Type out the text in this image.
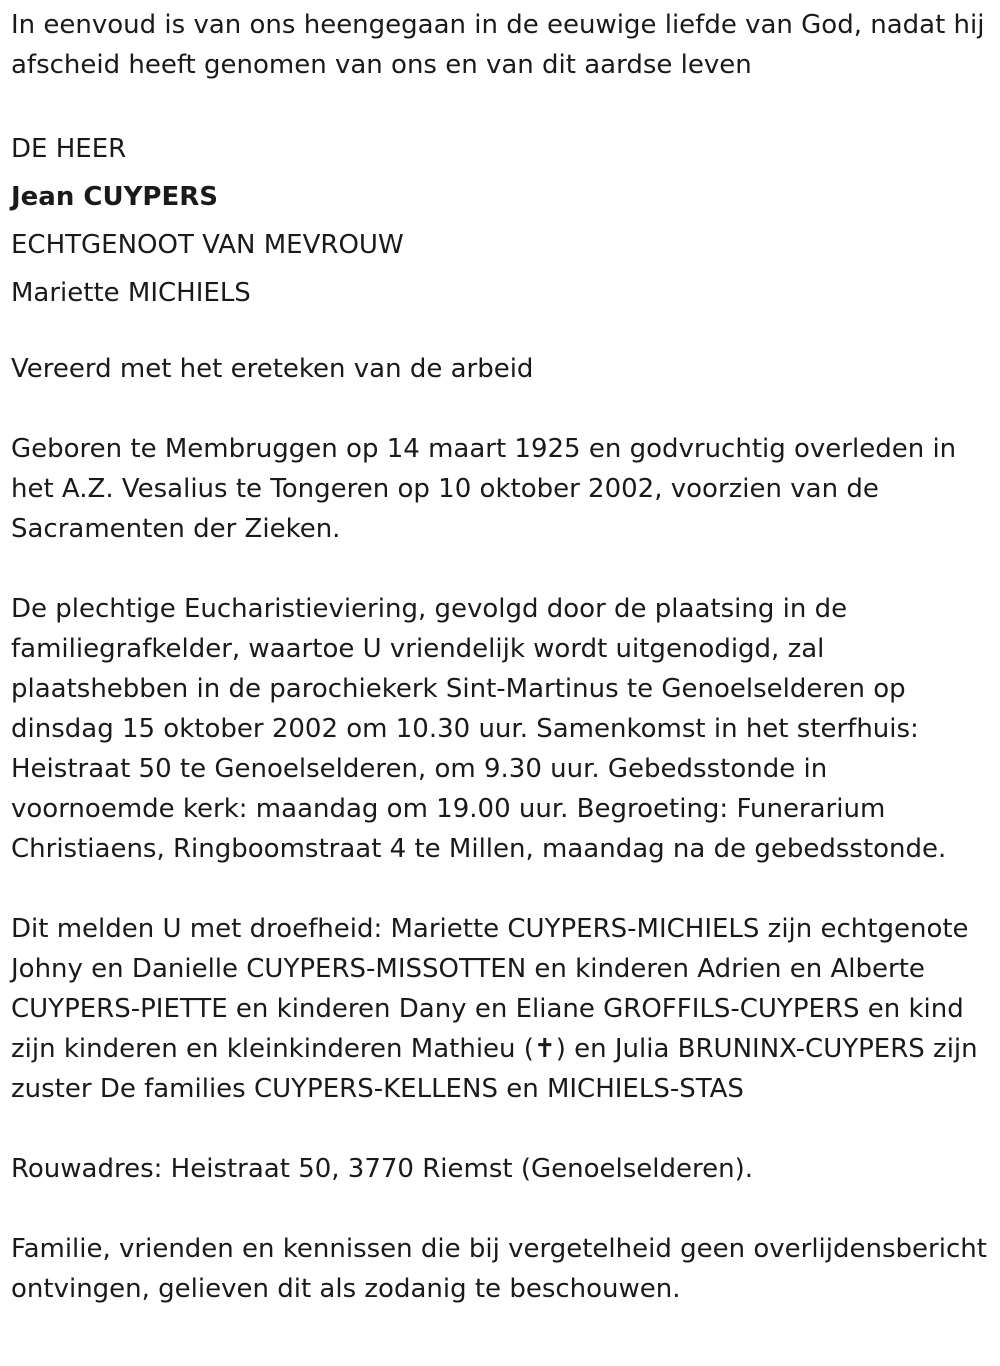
In eenvoud is van ons heengegaan in de eeuwige liefde van God, nadat hij afscheid heeft genomen van ons en van dit aardse leven

DE HEER
Jean CUYPERS
ECHTGENOOT VAN MEVROUW
Mariette MICHIELS

Vereerd met het ereteken van de arbeid

Geboren te Membruggen op 14 maart 1925 en godvruchtig overleden in het A.Z. Vesalius te Tongeren op 10 oktober 2002, voorzien van de Sacramenten der Zieken.

De plechtige Eucharistieviering, gevolgd door de plaatsing in de familiegrafkelder, waartoe U vriendelijk wordt uitgenodigd, zal plaatshebben in de parochiekerk Sint-Martinus te Genoelselderen op dinsdag 15 oktober 2002 om 10.30 uur. Samenkomst in het sterfhuis: Heistraat 50 te Genoelselderen, om 9.30 uur. Gebedsstonde in voornoemde kerk: maandag om 19.00 uur. Begroeting: Funerarium Christiaens, Ringboomstraat 4 te Millen, maandag na de gebedsstonde.

Dit melden U met droefheid: Mariette CUYPERS-MICHIELS zijn echtgenote Johny en Danielle CUYPERS-MISSOTTEN en kinderen Adrien en Alberte CUYPERS-PIETTE en kinderen Dany en Eliane GROFFILS-CUYPERS en kind zijn kinderen en kleinkinderen Mathieu (✝) en Julia BRUNINX-CUYPERS zijn zuster De families CUYPERS-KELLENS en MICHIELS-STAS

Rouwadres: Heistraat 50, 3770 Riemst (Genoelselderen).

Familie, vrienden en kennissen die bij vergetelheid geen overlijdensbericht ontvingen, gelieven dit als zodanig te beschouwen.
